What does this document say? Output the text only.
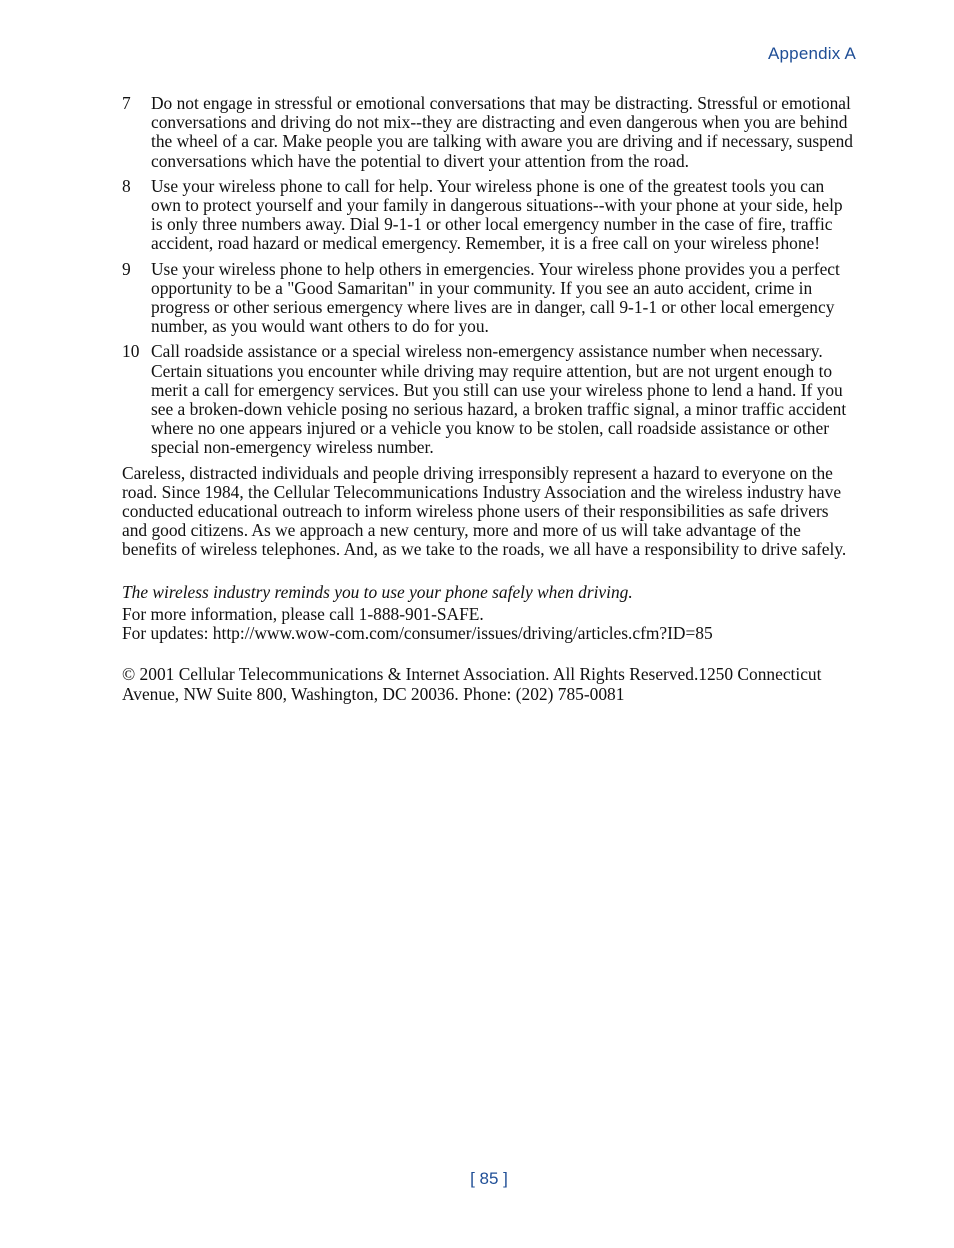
Appendix A
7	Do not engage in stressful or emotional conversations that may be distracting. Stressful or emotional conversations and driving do not mix--they are distracting and even dangerous when you are behind the wheel of a car. Make people you are talking with aware you are driving and if necessary, suspend conversations which have the potential to divert your attention from the road.
8	Use your wireless phone to call for help. Your wireless phone is one of the greatest tools you can own to protect yourself and your family in dangerous situations--with your phone at your side, help is only three numbers away. Dial 9-1-1 or other local emergency number in the case of fire, traffic accident, road hazard or medical emergency. Remember, it is a free call on your wireless phone!
9	Use your wireless phone to help others in emergencies. Your wireless phone provides you a perfect opportunity to be a "Good Samaritan" in your community. If you see an auto accident, crime in progress or other serious emergency where lives are in danger, call 9-1-1 or other local emergency number, as you would want others to do for you.
10 Call roadside assistance or a special wireless non-emergency assistance number when necessary. Certain situations you encounter while driving may require attention, but are not urgent enough to merit a call for emergency services. But you still can use your wireless phone to lend a hand. If you see a broken-down vehicle posing no serious hazard, a broken traffic signal, a minor traffic accident where no one appears injured or a vehicle you know to be stolen, call roadside assistance or other special non-emergency wireless number.

Careless, distracted individuals and people driving irresponsibly represent a hazard to everyone on the road. Since 1984, the Cellular Telecommunications Industry Association and the wireless industry have conducted educational outreach to inform wireless phone users of their responsibilities as safe drivers and good citizens. As we approach a new century, more and more of us will take advantage of the benefits of wireless telephones. And, as we take to the roads, we all have a responsibility to drive safely.

The wireless industry reminds you to use your phone safely when driving.
For more information, please call 1-888-901-SAFE.
For updates: http://www.wow-com.com/consumer/issues/driving/articles.cfm?ID=85
© 2001 Cellular Telecommunications & Internet Association. All Rights Reserved.1250 Connecticut Avenue, NW Suite 800, Washington, DC 20036. Phone: (202) 785-0081
[ 85 ]
